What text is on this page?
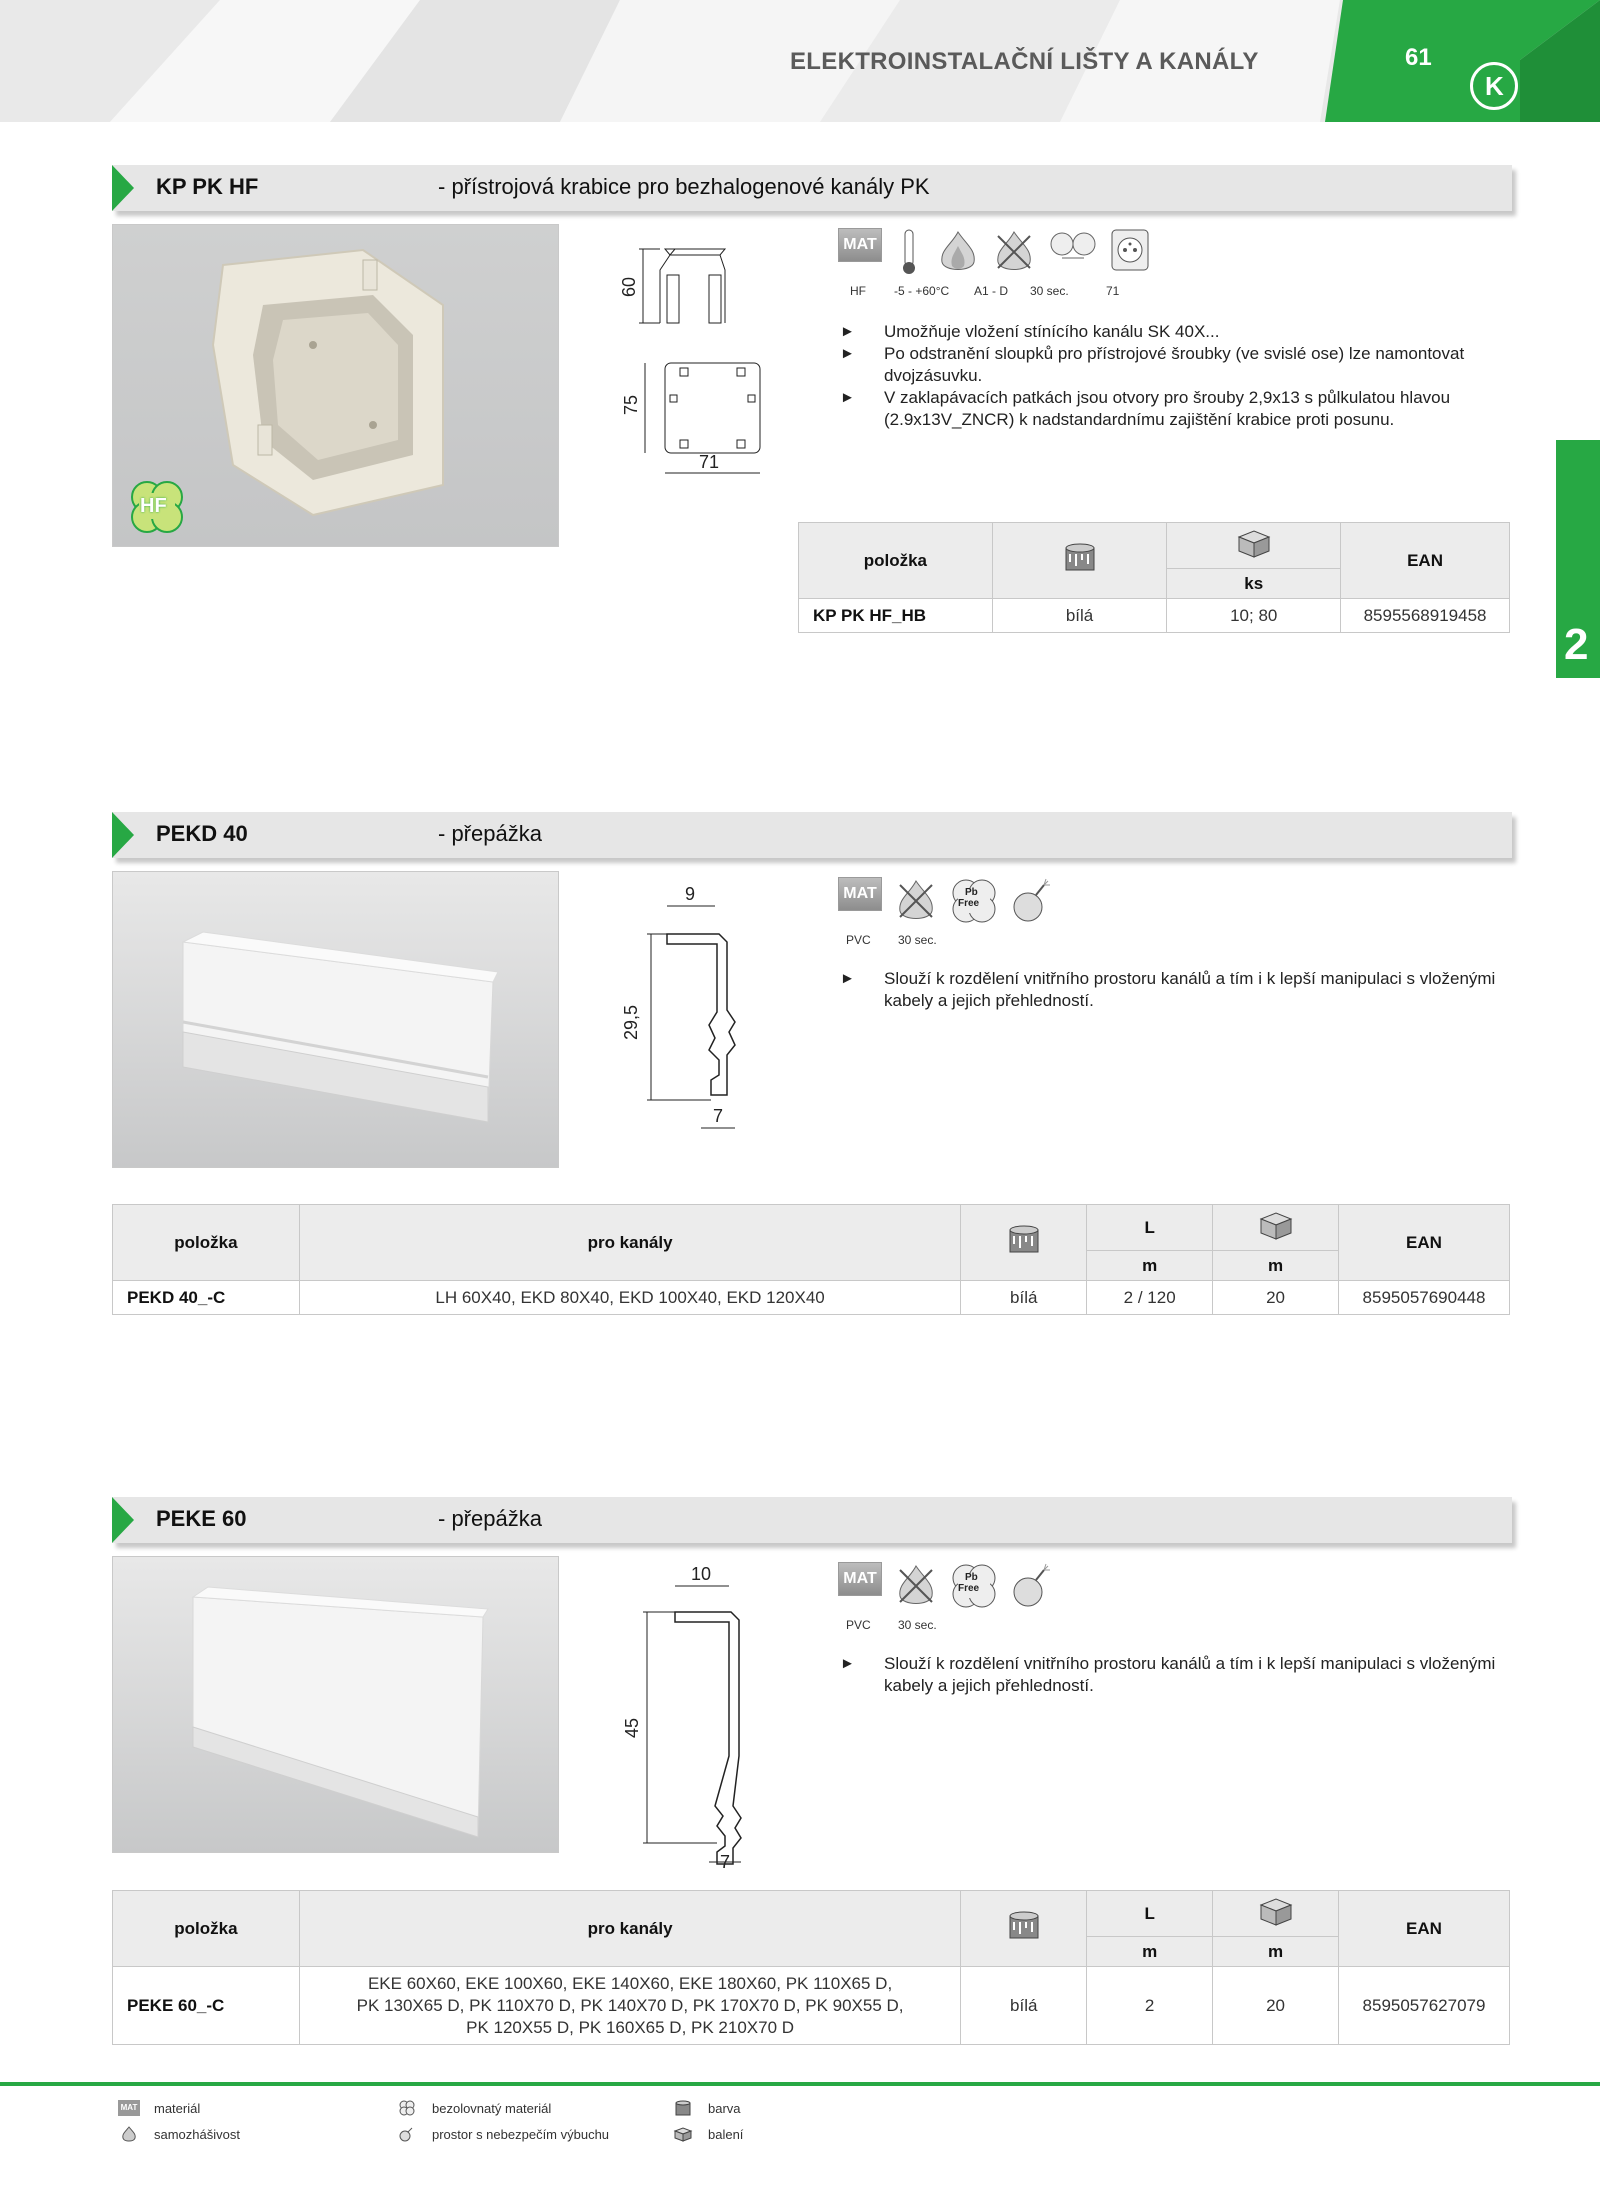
ELEKTROINSTALAČNÍ LIŠTY A KANÁLY	61
K
2
KP PK HF	- přístrojová krabice pro bezhalogenové kanály PK
HF
60
75
71
MAT
HF -5 - +60°C A1 - D 30 sec.	71
► Umožňuje vložení stínícího kanálu SK 40X...
► Po odstranění sloupků pro přístrojové šroubky (ve svislé ose) lze namontovat dvojzásuvku.
► V zaklapávacích patkách jsou otvory pro šrouby 2,9x13 s půlkulatou hlavou (2.9x13V_ZNCR) k nadstandardnímu zajištění krabice proti posunu.
položka			EAN
		ks	
KP PK HF_HB	bílá	10; 80	8595568919458
PEKD 40	- přepážka
9
29,5
7
MAT	Pb
Free
PVC 30 sec.
► Slouží k rozdělení vnitřního prostoru kanálů a tím i k lepší manipulaci s vloženými kabely a jejich přehledností.
položka	pro kanály		L		EAN
			m	m	
PEKD 40_-C	LH 60X40, EKD 80X40, EKD 100X40, EKD 120X40	bílá	2 / 120	20	8595057690448
PEKE 60	- přepážka
10
45
7
MAT	Pb
Free
PVC 30 sec.
► Slouží k rozdělení vnitřního prostoru kanálů a tím i k lepší manipulaci s vloženými kabely a jejich přehledností.
položka	pro kanály		L		EAN
			m	m	
PEKE 60_-C	EKE 60X60, EKE 100X60, EKE 140X60, EKE 180X60, PK 110X65 D,
PK 130X65 D, PK 110X70 D, PK 140X70 D, PK 170X70 D, PK 90X55 D,
PK 120X55 D, PK 160X65 D, PK 210X70 D	bílá	2	20	8595057627079
MAT materiál
samozhášivost
bezolovnatý materiál
prostor s nebezpečím výbuchu
barva
balení
